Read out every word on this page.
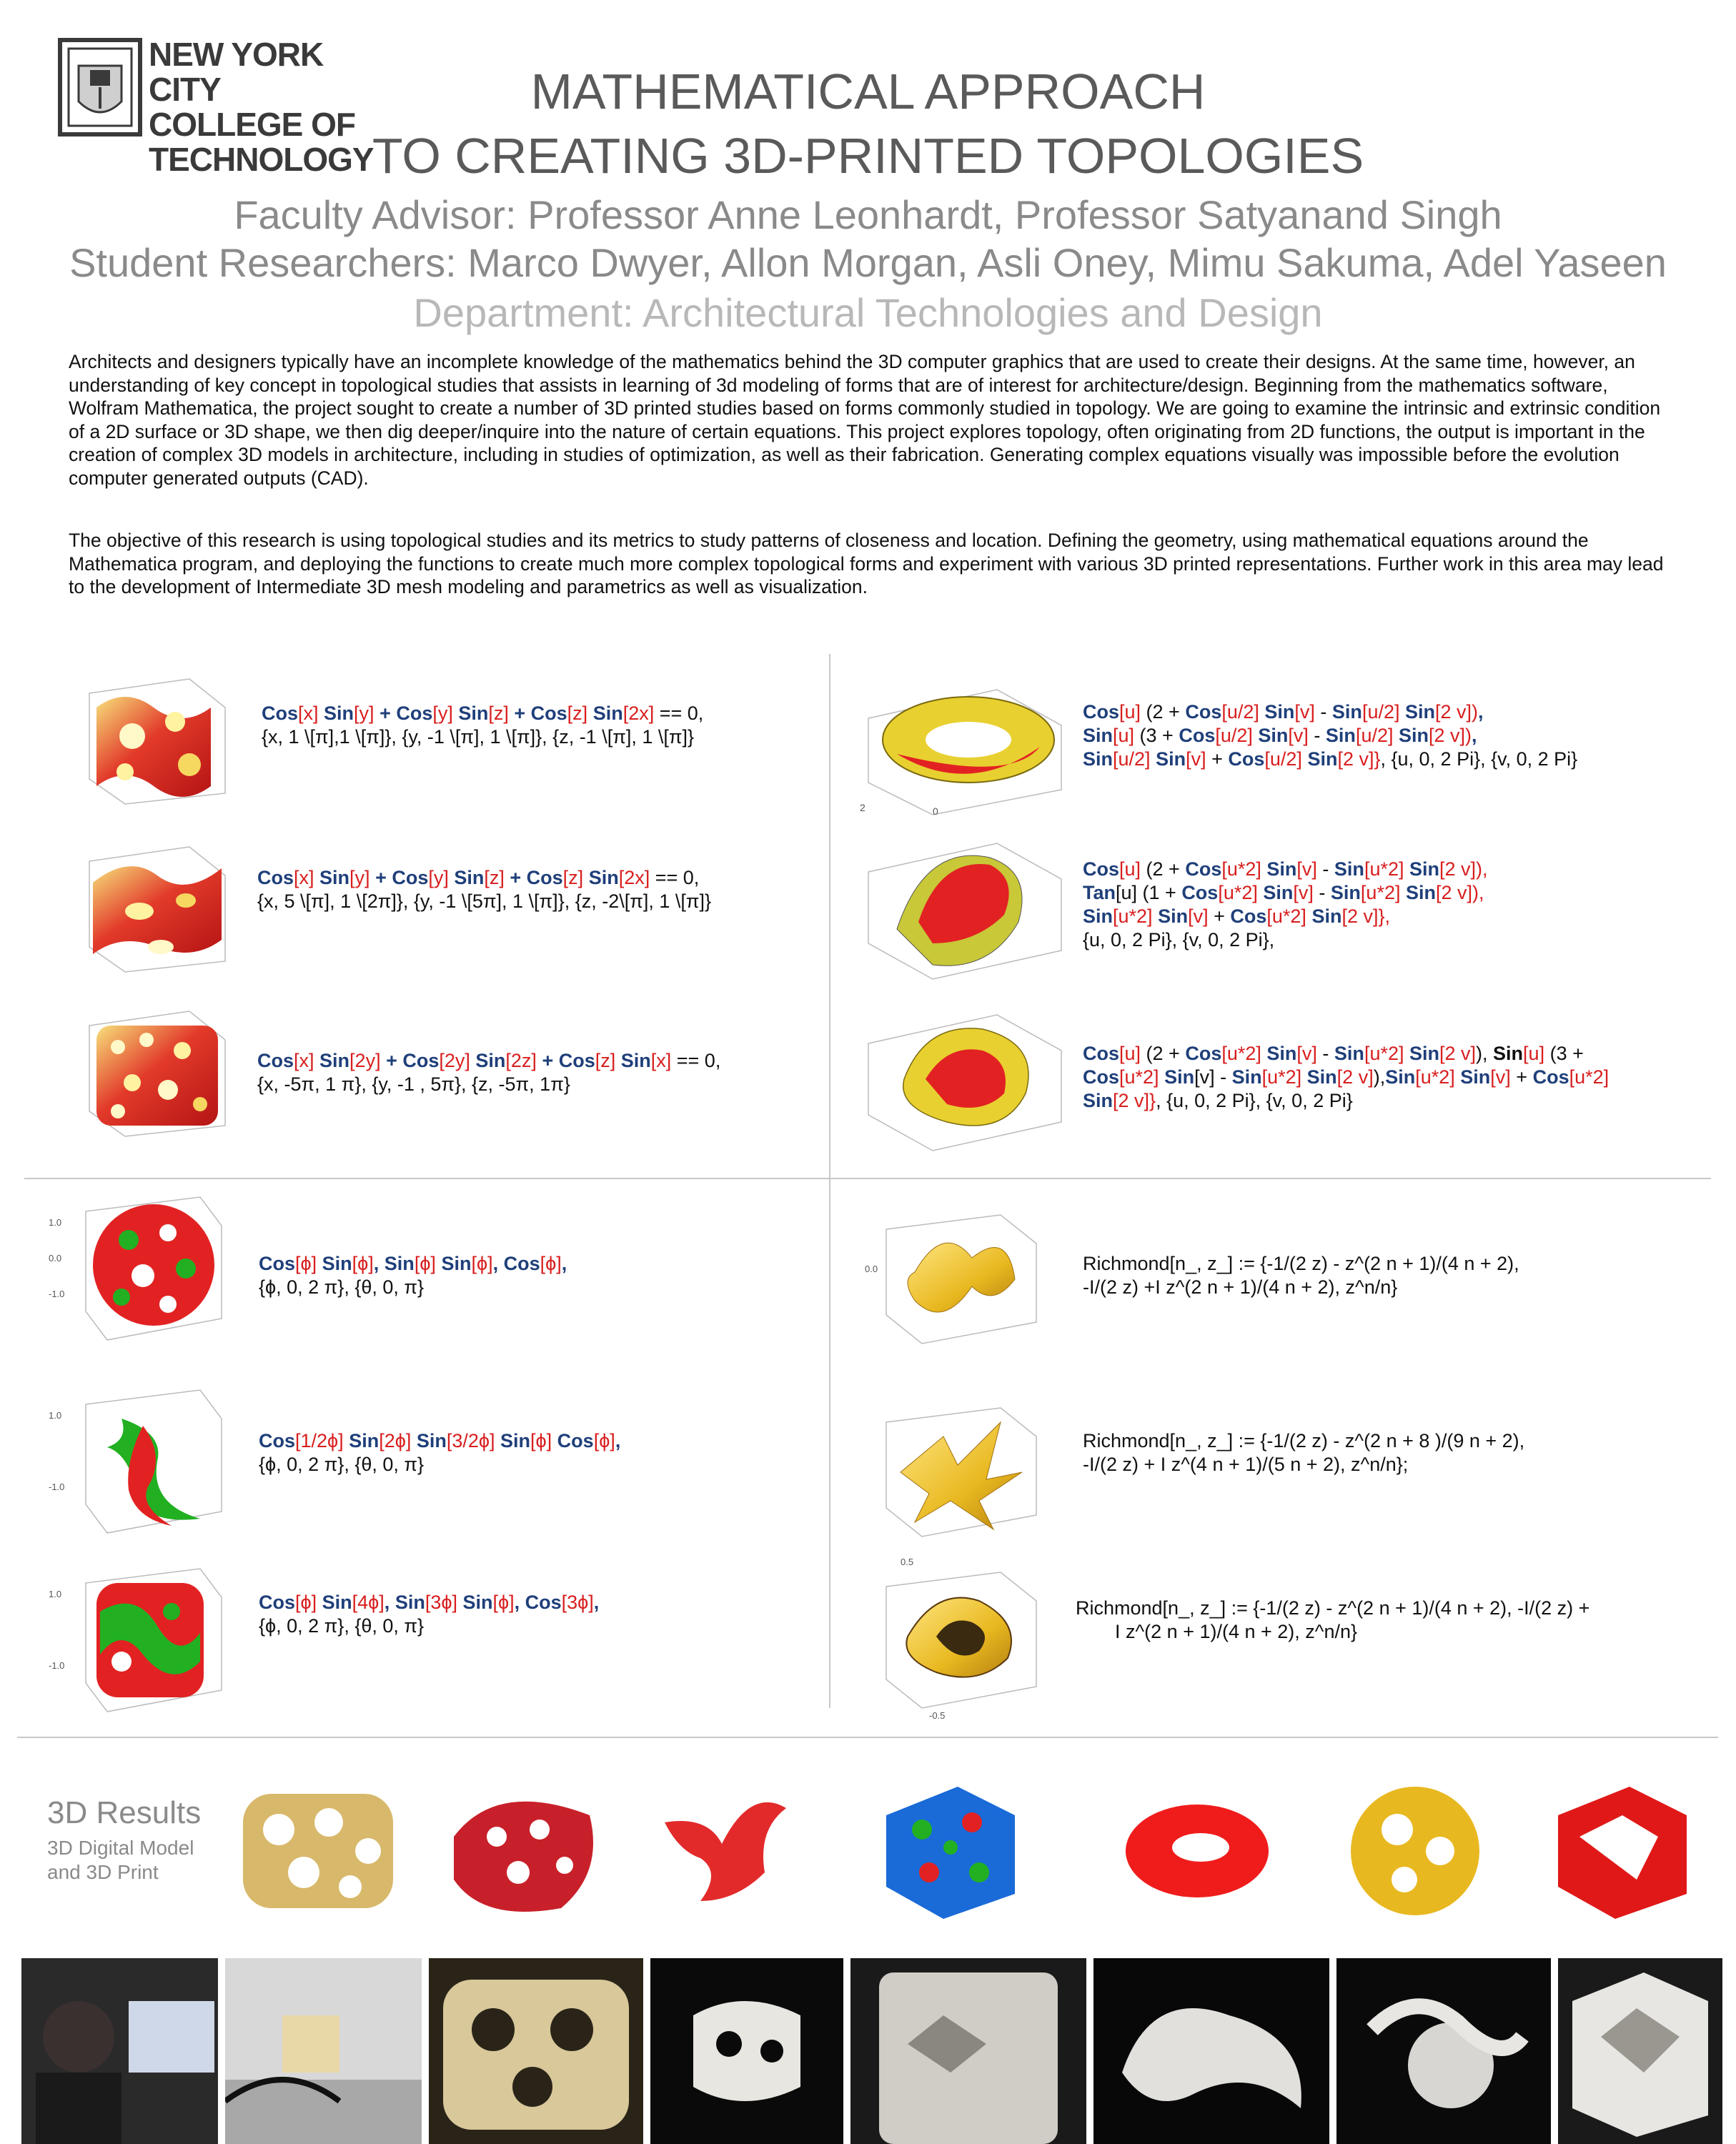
NEW YORK CITY
COLLEGE OF
TECHNOLOGY
MATHEMATICAL APPROACH
TO CREATING 3D-PRINTED TOPOLOGIES
Faculty Advisor: Professor Anne Leonhardt, Professor Satyanand Singh
Student Researchers: Marco Dwyer, Allon Morgan, Asli Oney, Mimu Sakuma, Adel Yaseen
Department: Architectural Technologies and Design
Architects and designers typically have an incomplete knowledge of the mathematics behind the 3D computer graphics that are used to create their designs. At the same time, however, an understanding of key concept in topological studies that assists in learning of 3d modeling of forms that are of interest for architecture/design. Beginning from the mathematics software, Wolfram Mathematica, the project sought to create a number of 3D printed studies based on forms commonly studied in topology. We are going to examine the intrinsic and extrinsic condition of a 2D surface or 3D shape, we then dig deeper/inquire into the nature of certain equations. This project explores topology, often originating from 2D functions, the output is important in the creation of complex 3D models in architecture, including in studies of optimization, as well as their fabrication. Generating complex equations visually was impossible before the evolution computer generated outputs (CAD).
The objective of this research is using topological studies and its metrics to study patterns of closeness and location. Defining the geometry, using mathematical equations around the Mathematica program, and deploying the functions to create much more complex topological forms and experiment with various 3D printed representations. Further work in this area may lead to the development of Intermediate 3D mesh modeling and parametrics as well as visualization.
Cos[x] Sin[y] + Cos[y] Sin[z] + Cos[z] Sin[2x] == 0,
{x, 1 \[π],1 \[π]}, {y, -1 \[π], 1 \[π]}, {z, -1 \[π], 1 \[π]}
Cos[x] Sin[y] + Cos[y] Sin[z] + Cos[z] Sin[2x] == 0,
{x, 5 \[π], 1 \[2π]}, {y, -1 \[5π], 1 \[π]}, {z, -2\[π], 1 \[π]}
Cos[x] Sin[2y] + Cos[2y] Sin[2z] + Cos[z] Sin[x] == 0,
{x, -5π, 1 π}, {y, -1 , 5π}, {z, -5π, 1π}
2	0
Cos[u] (2 + Cos[u/2] Sin[v] - Sin[u/2] Sin[2 v]),
Sin[u] (3 + Cos[u/2] Sin[v] - Sin[u/2] Sin[2 v]),
Sin[u/2] Sin[v] + Cos[u/2] Sin[2 v]}, {u, 0, 2 Pi}, {v, 0, 2 Pi}
Cos[u] (2 + Cos[u*2] Sin[v] - Sin[u*2] Sin[2 v]),
Tan[u] (1 + Cos[u*2] Sin[v] - Sin[u*2] Sin[2 v]),
Sin[u*2] Sin[v] + Cos[u*2] Sin[2 v]},
{u, 0, 2 Pi}, {v, 0, 2 Pi},
Cos[u] (2 + Cos[u*2] Sin[v] - Sin[u*2] Sin[2 v]), Sin[u] (3 +
Cos[u*2] Sin[v] - Sin[u*2] Sin[2 v]),Sin[u*2] Sin[v] + Cos[u*2]
Sin[2 v]}, {u, 0, 2 Pi}, {v, 0, 2 Pi}
1.0
0.0
-1.0
1.0
-1.0
1.0
-1.0
Cos[ϕ] Sin[ϕ], Sin[ϕ] Sin[ϕ], Cos[ϕ],
{ϕ, 0, 2 π}, {θ, 0, π}
Cos[1/2ϕ] Sin[2ϕ] Sin[3/2ϕ] Sin[ϕ] Cos[ϕ],
{ϕ, 0, 2 π}, {θ, 0, π}
Cos[ϕ] Sin[4ϕ], Sin[3ϕ] Sin[ϕ], Cos[3ϕ],
{ϕ, 0, 2 π}, {θ, 0, π}
0.0
0.5
-0.5
Richmond[n_, z_] := {-1/(2 z) - z^(2 n + 1)/(4 n + 2),
-I/(2 z) +I z^(2 n + 1)/(4 n + 2), z^n/n}
Richmond[n_, z_] := {-1/(2 z) - z^(2 n + 8 )/(9 n + 2),
-I/(2 z) + I z^(4 n + 1)/(5 n + 2), z^n/n};
Richmond[n_, z_] := {-1/(2 z) - z^(2 n + 1)/(4 n + 2), -I/(2 z) +
I z^(2 n + 1)/(4 n + 2), z^n/n}
3D Results
3D Digital Model
and 3D Print
